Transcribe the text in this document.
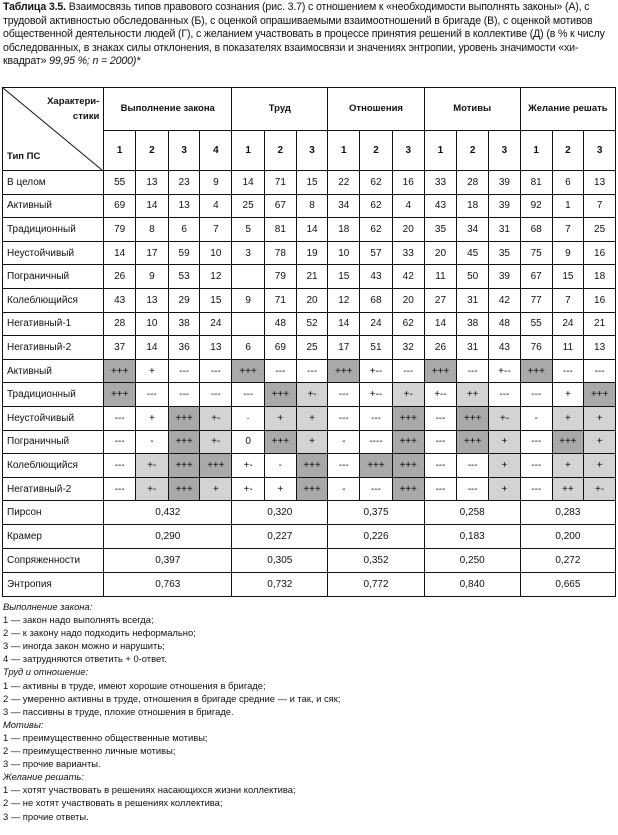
Таблица 3.5. Взаимосвязь типов правового сознания (рис. 3.7) с отношением к «необходимости выполнять законы» (А), с трудовой активностью обследованных (Б), с оценкой опрашиваемыми взаимоотношений в бригаде (В), с оценкой мотивов общественной деятельности людей (Г), с желанием участвовать в процессе принятия решений в коллективе (Д) (в % к числу обследованных, в знаках силы отклонения, в показателях взаимосвязи и значениях энтропии, уровень значимости «хи-квадрат» 99,95 %; n = 2000)*
Характери-
стики
Тип ПС	Выполнение закона				Труд			Отношения			Мотивы			Желание решать		
	1	2	3	4	1	2	3	1	2	3	1	2	3	1	2	3
В целом	55	13	23	9	14	71	15	22	62	16	33	28	39	81	6	13
Активный	69	14	13	4	25	67	8	34	62	4	43	18	39	92	1	7
Традиционный	79	8	6	7	5	81	14	18	62	20	35	34	31	68	7	25
Неустойчивый	14	17	59	10	3	78	19	10	57	33	20	45	35	75	9	16
Пограничный	26	9	53	12		79	21	15	43	42	11	50	39	67	15	18
Колеблющийся	43	13	29	15	9	71	20	12	68	20	27	31	42	77	7	16
Негативный-1	28	10	38	24		48	52	14	24	62	14	38	48	55	24	21
Негативный-2	37	14	36	13	6	69	25	17	51	32	26	31	43	76	11	13
Активный	+++	+	---	---	+++	---	---	+++	+--	---	+++	---	+--	+++	---	---
Традиционный	+++	---	---	---	---	+++	+-	---	+--	+-	+--	++	---	---	+	+++
Неустойчивый	---	+	+++	+-	·	+	+	---	---	+++	---	+++	+-	-	+	+
Пограничный	---	-	+++	+-	0	+++	+	-	----	+++	---	+++	+	---	+++	+
Колеблющийся	---	+-	+++	+++	+-	-	+++	---	+++	+++	---	---	+	---	+	+
Негативный-2	---	+-	+++	+	+-	+	+++	-	---	+++	---	---	+	---	++	+-
Пирсон	0,432				0,320			0,375			0,258			0,283		
Крамер	0,290				0,227			0,226			0,183			0,200		
Сопряженности	0,397				0,305			0,352			0,250			0,272		
Энтропия	0,763				0,732			0,772			0,840			0,665		
Выполнение закона:
1 — закон надо выполнять всегда;
2 — к закону надо подходить неформально;
3 — иногда закон можно и нарушить;
4 — затрудняются ответить + 0-ответ.
Труд и отношение:
1 — активны в труде, имеют хорошие отношения в бригаде;
2 — умеренно активны в труде, отношения в бригаде средние — и так, и сяк;
3 — пассивны в труде, плохие отношения в бригаде.
Мотивы:
1 — преимущественно общественные мотивы;
2 — преимущественно личные мотивы;
3 — прочие варианты.
Желание решать:
1 — хотят участвовать в решениях насающихся жизни коллектива;
2 — не хотят участвовать в решениях коллектива;
3 — прочие ответы.
